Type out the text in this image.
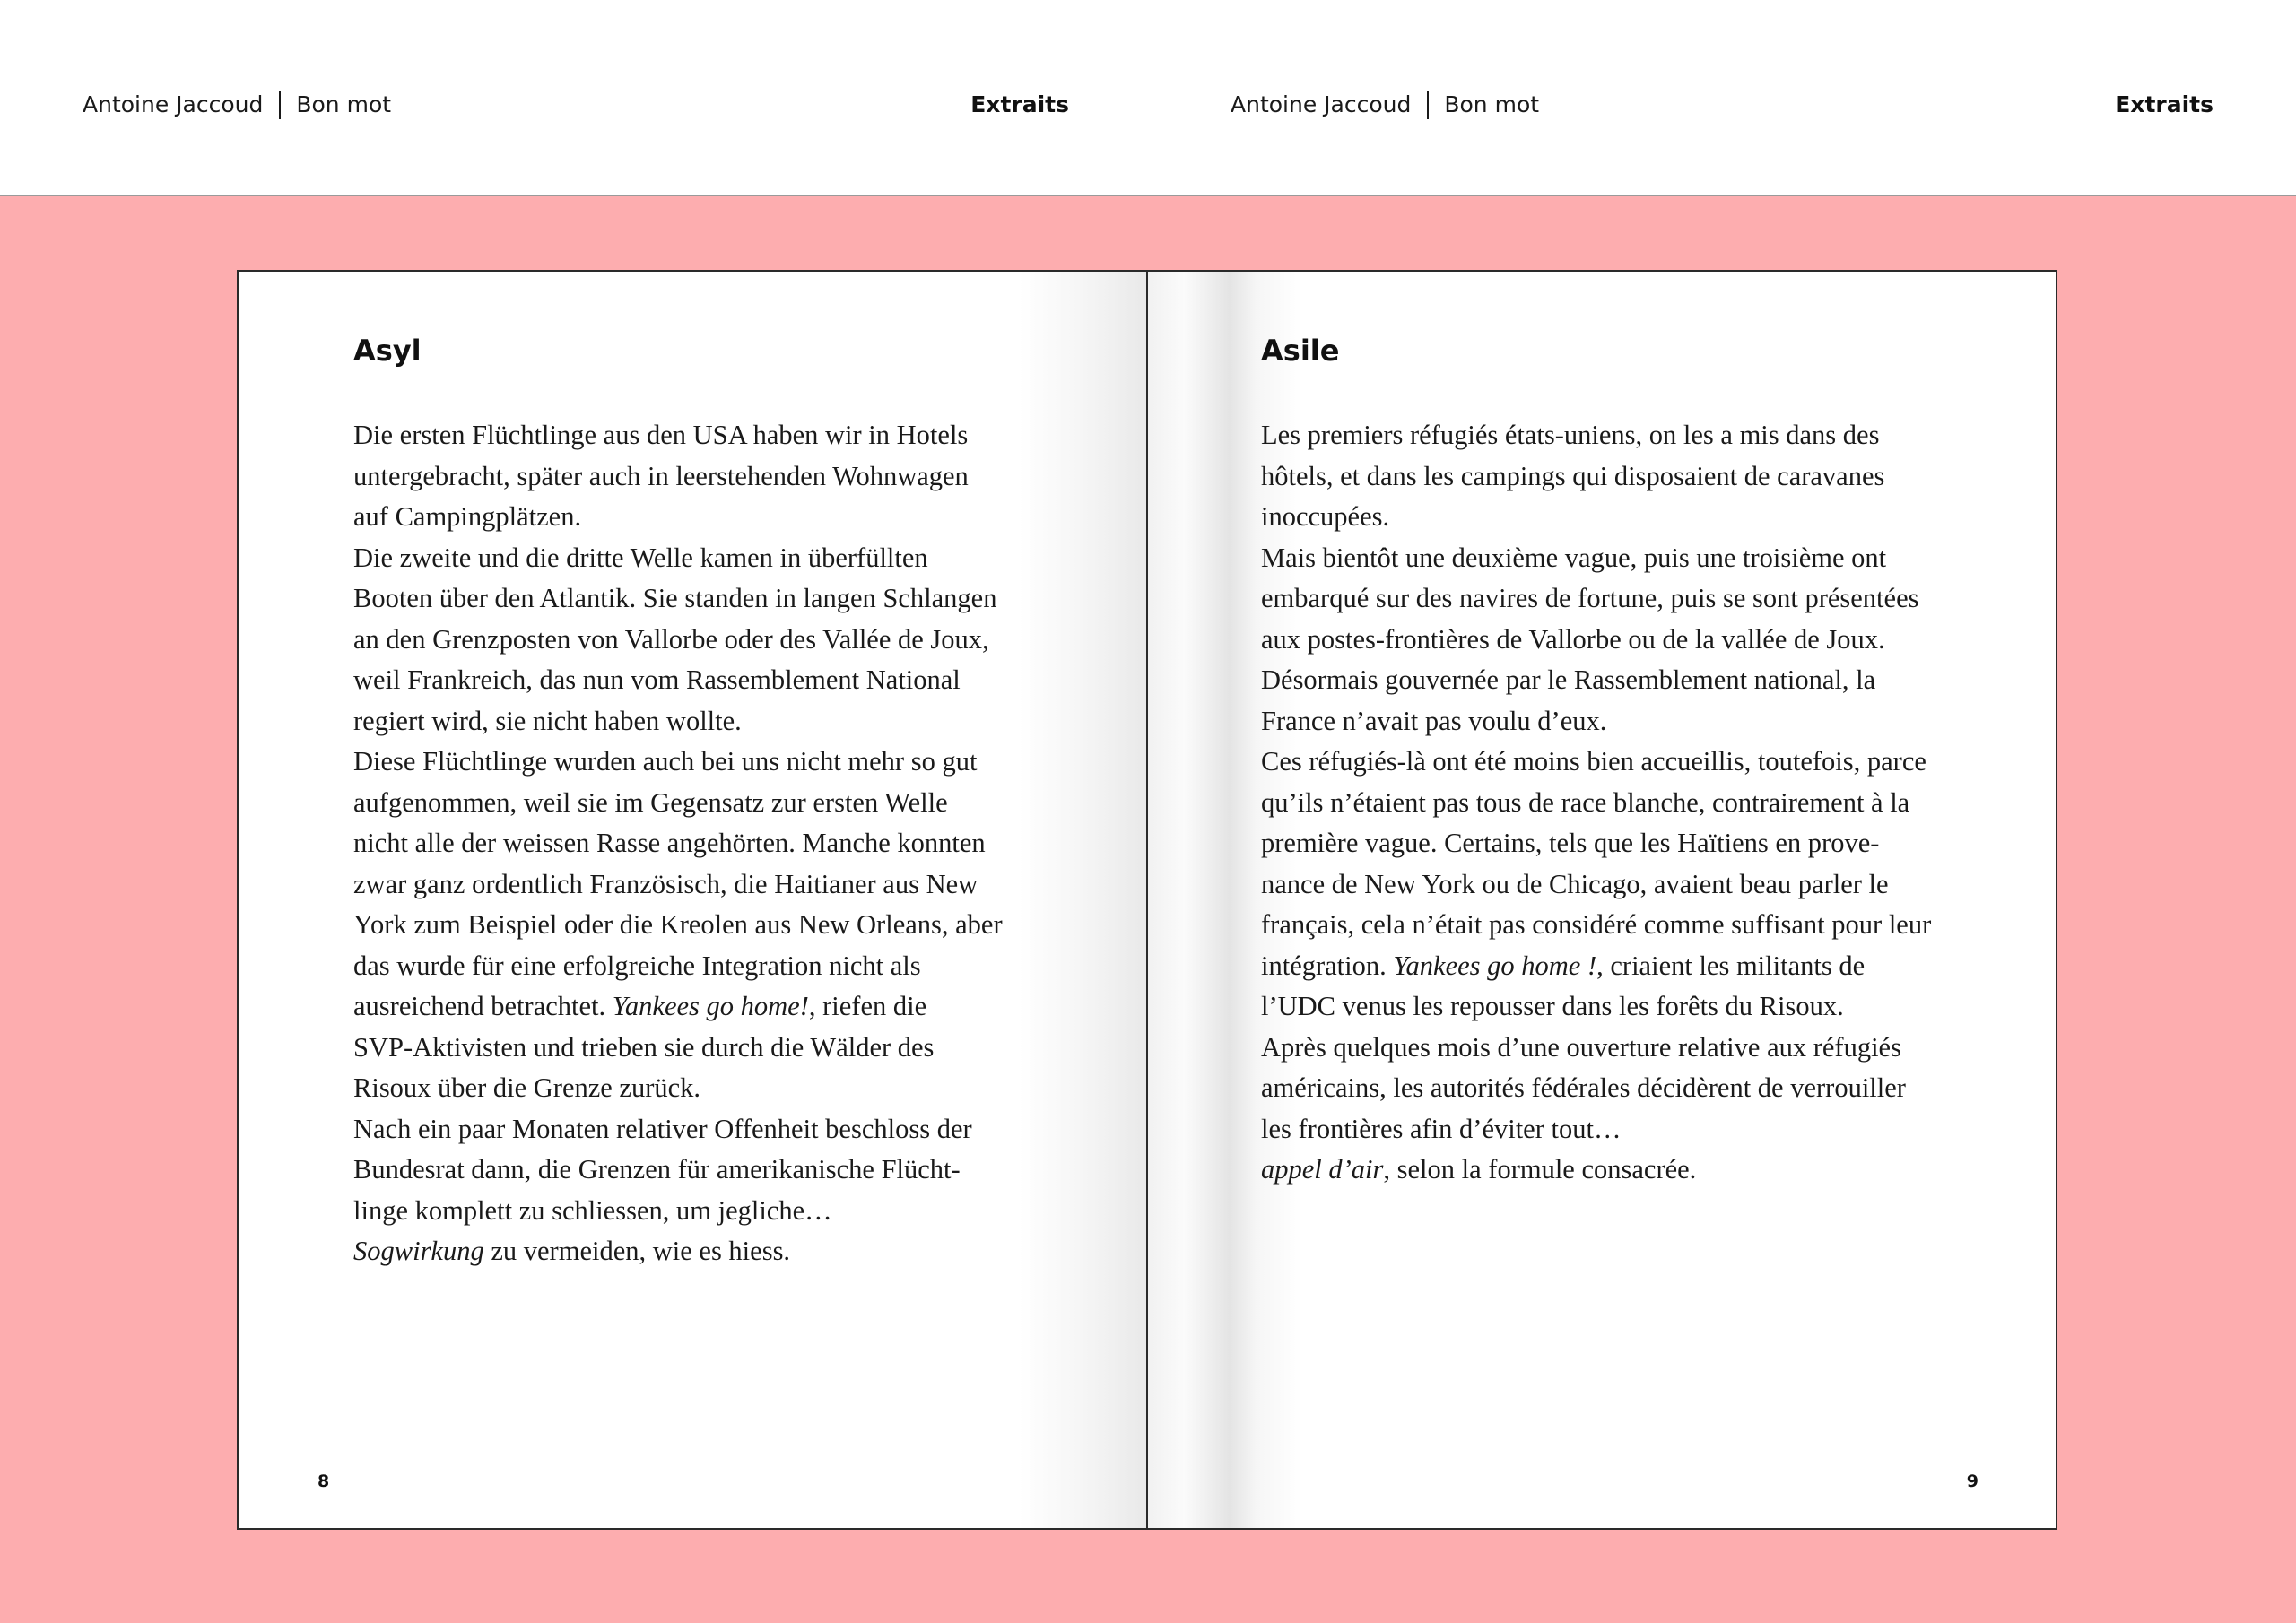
Antoine Jaccoud Bon mot	Extraits	Antoine Jaccoud Bon mot	Extraits
Asyl
Die ersten Flüchtlinge aus den USA haben wir in Hotels
untergebracht, später auch in leerstehenden Wohnwagen
auf Campingplätzen.
Die zweite und die dritte Welle kamen in überfüllten
Booten über den Atlantik. Sie standen in langen Schlangen
an den Grenzposten von Vallorbe oder des Vallée de Joux,
weil Frankreich, das nun vom Rassemblement National
regiert wird, sie nicht haben wollte.
Diese Flüchtlinge wurden auch bei uns nicht mehr so gut
aufgenommen, weil sie im Gegensatz zur ersten Welle
nicht alle der weissen Rasse angehörten. Manche konnten
zwar ganz ordentlich Französisch, die Haitianer aus New
York zum Beispiel oder die Kreolen aus New Orleans, aber
das wurde für eine erfolgreiche Integration nicht als
ausreichend betrachtet. Yankees go home!, riefen die
SVP-Aktivisten und trieben sie durch die Wälder des
Risoux über die Grenze zurück.
Nach ein paar Monaten relativer Offenheit beschloss der
Bundesrat dann, die Grenzen für amerikanische Flücht-
linge komplett zu schliessen, um jegliche…
Sogwirkung zu vermeiden, wie es hiess.
8
Asile
Les premiers réfugiés états-uniens, on les a mis dans des
hôtels, et dans les campings qui disposaient de caravanes
inoccupées.
Mais bientôt une deuxième vague, puis une troisième ont
embarqué sur des navires de fortune, puis se sont présentées
aux postes-frontières de Vallorbe ou de la vallée de Joux.
Désormais gouvernée par le Rassemblement national, la
France n’avait pas voulu d’eux.
Ces réfugiés-là ont été moins bien accueillis, toutefois, parce
qu’ils n’étaient pas tous de race blanche, contrairement à la
première vague. Certains, tels que les Haïtiens en prove-
nance de New York ou de Chicago, avaient beau parler le
français, cela n’était pas considéré comme suffisant pour leur
intégration. Yankees go home !, criaient les militants de
l’UDC venus les repousser dans les forêts du Risoux.
Après quelques mois d’une ouverture relative aux réfugiés
américains, les autorités fédérales décidèrent de verrouiller
les frontières afin d’éviter tout…
appel d’air, selon la formule consacrée.
9
